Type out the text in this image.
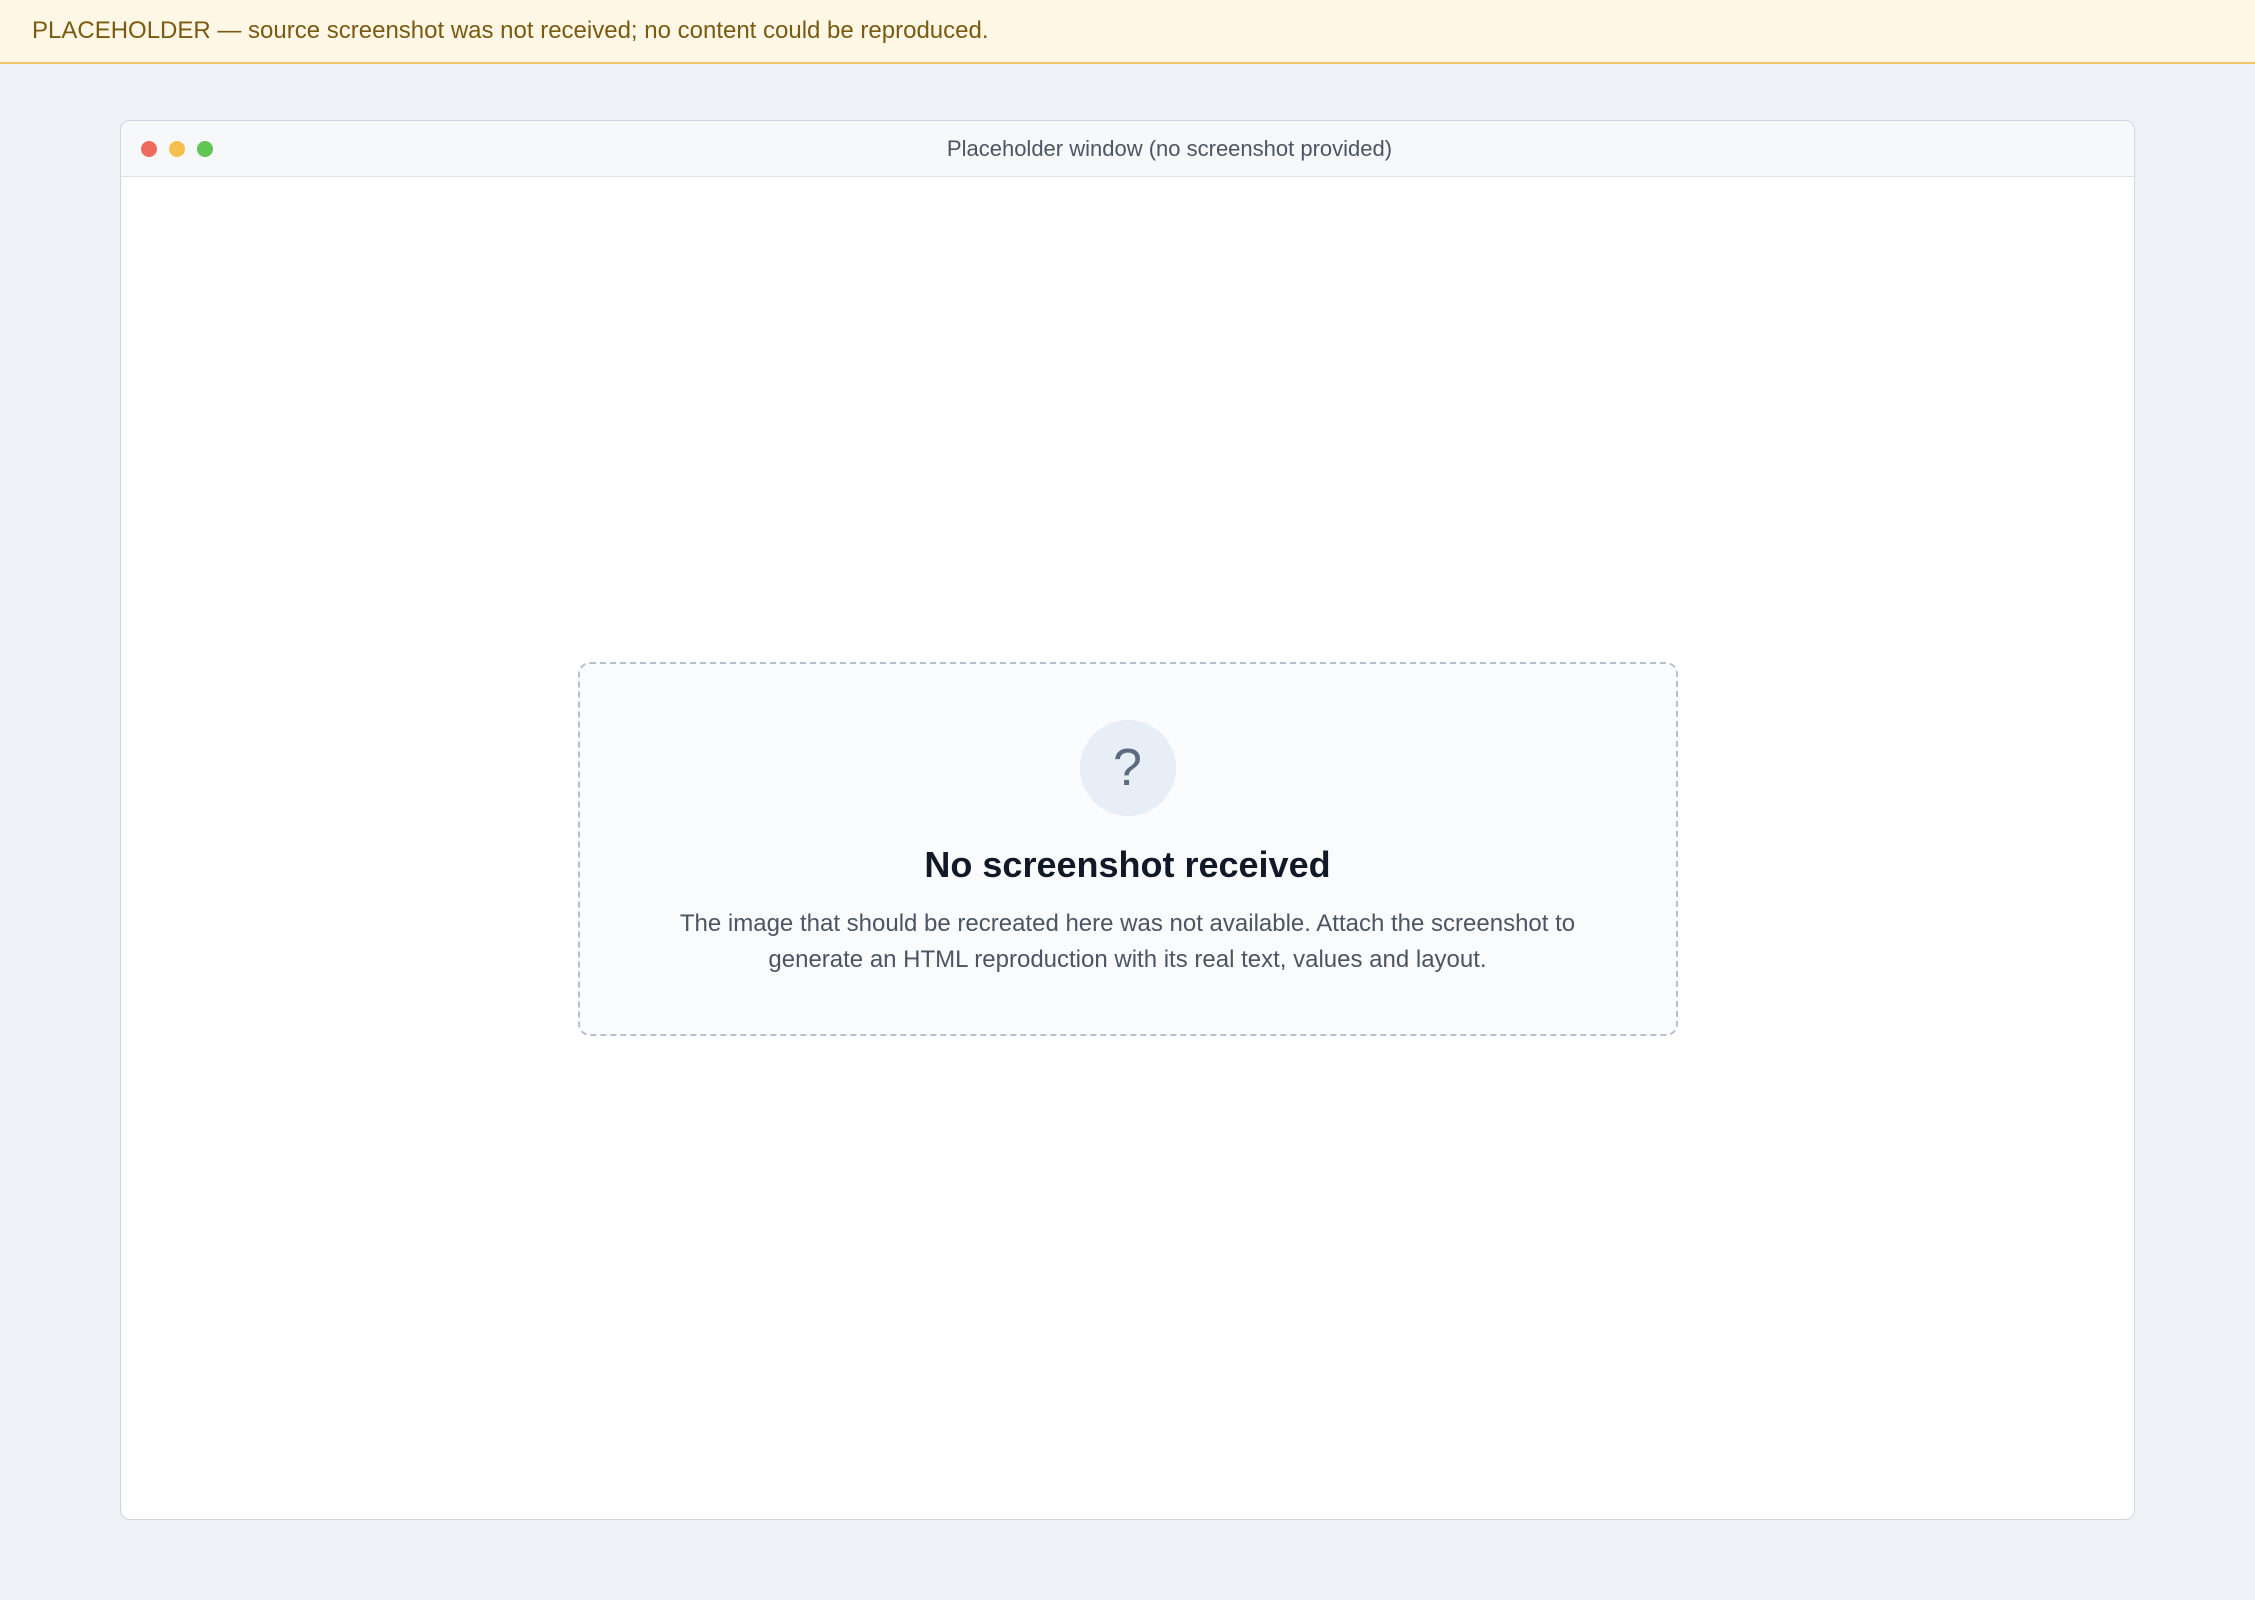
PLACEHOLDER — source screenshot was not received; no content could be reproduced.
Placeholder window (no screenshot provided)
?
No screenshot received
The image that should be recreated here was not available. Attach the screenshot to generate an HTML reproduction with its real text, values and layout.
